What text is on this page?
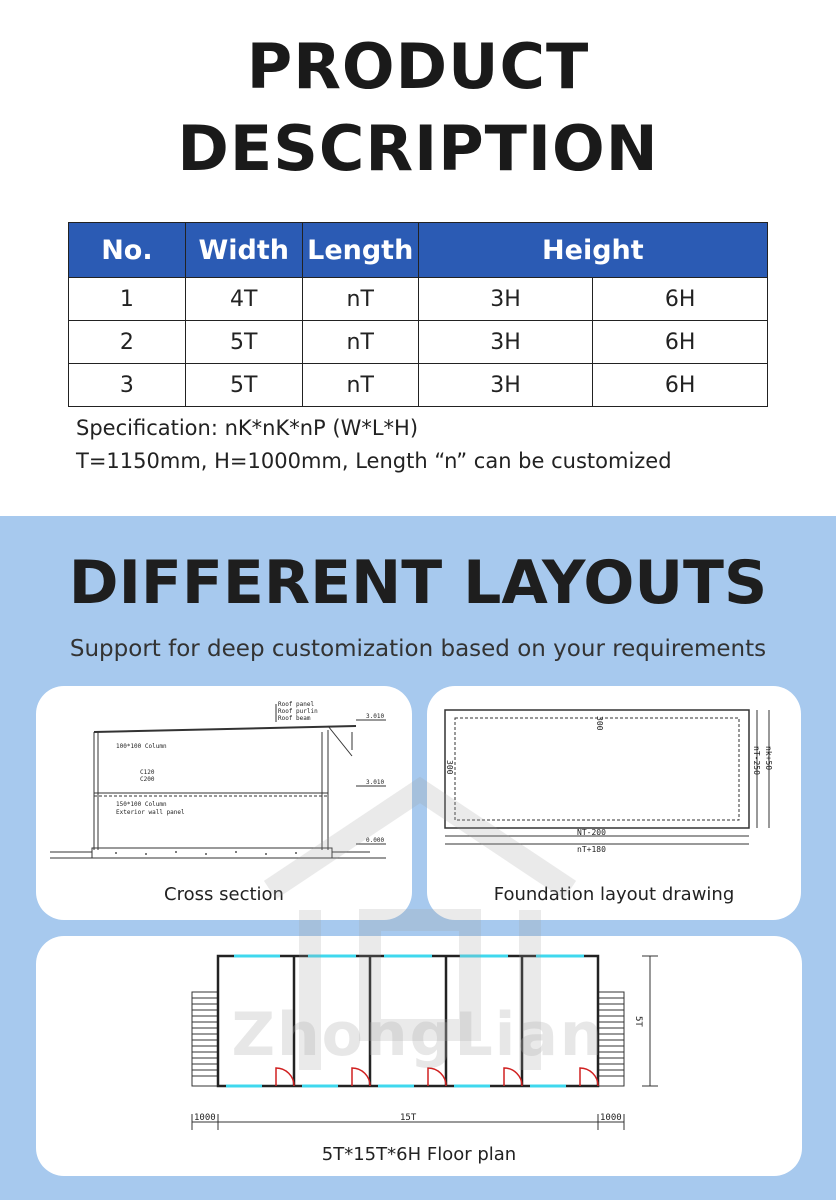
PRODUCT
DESCRIPTION
No.	Width	Length	Height	
1	4T	nT	3H	6H
2	5T	nT	3H	6H
3	5T	nT	3H	6H
Specification: nK*nK*nP (W*L*H)
T=1150mm, H=1000mm, Length “n” can be customized
DIFFERENT LAYOUTS
Support for deep customization based on your requirements
Roof panel
Roof purlin
Roof beam
100*100 Column
C120
C200
150*100 Column
Exterior wall panel
3.010
3.010
0.000
Cross section
300
300
NT-200
nT+180
nT-250 nk+50
Foundation layout drawing
1000	15T	1000
5T
5T*15T*6H Floor plan
ZhongLian
